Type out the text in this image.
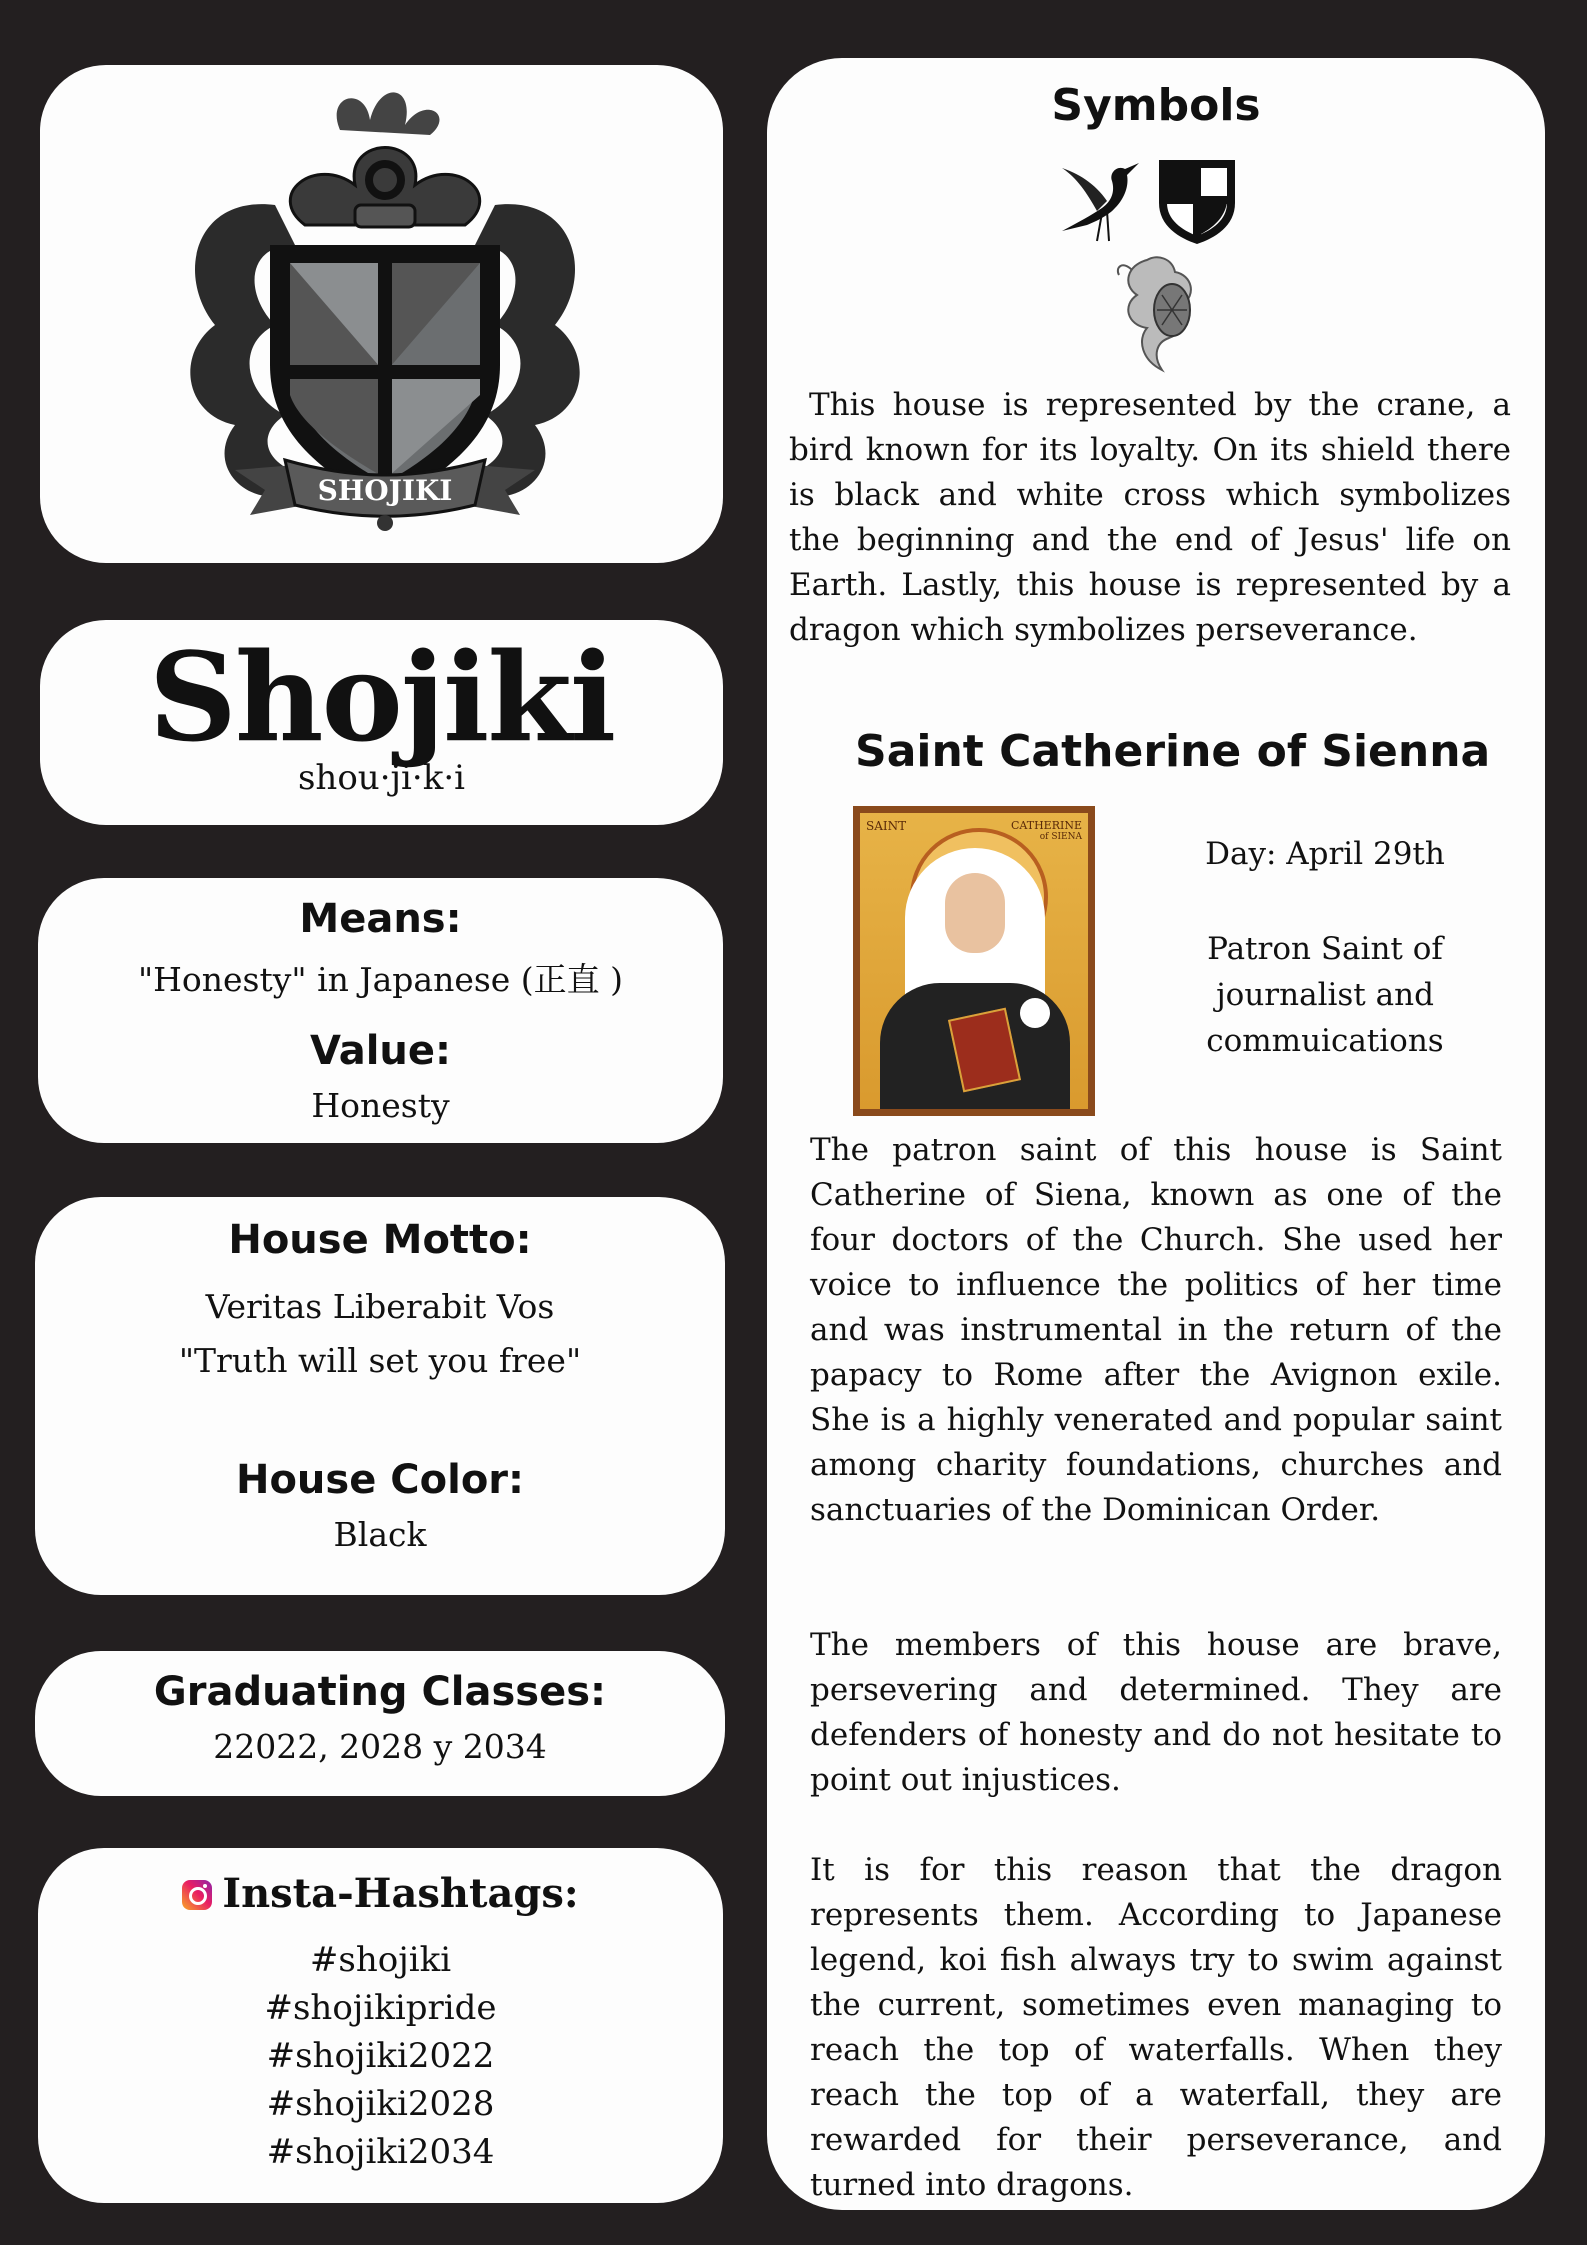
SHOJIKI
Shojiki
shou·ji·k·i
Means:
"Honesty" in Japanese (正直 )
Value:
Honesty
House Motto:
Veritas Liberabit Vos
"Truth will set you free"
House Color:
Black
Graduating Classes:
22022, 2028 y 2034
Insta-Hashtags:
#shojiki
#shojikipride
#shojiki2022
#shojiki2028
#shojiki2034
Symbols
This house is represented by the crane, a bird known for its loyalty. On its shield there is black and white cross which symbolizes the beginning and the end of Jesus' life on Earth. Lastly, this house is represented by a dragon which symbolizes perseverance.
Saint Catherine of Sienna
SAINT	CATHERINE
of SIENA	Day: April 29th
Patron Saint of journalist and commuications
The patron saint of this house is Saint Catherine of Siena, known as one of the four doctors of the Church. She used her voice to influence the politics of her time and was instrumental in the return of the papacy to Rome after the Avignon exile. She is a highly venerated and popular saint among charity foundations, churches and sanctuaries of the Dominican Order.
The members of this house are brave, persevering and determined. They are defenders of honesty and do not hesitate to point out injustices.
It is for this reason that the dragon represents them. According to Japanese legend, koi fish always try to swim against the current, sometimes even managing to reach the top of waterfalls. When they reach the top of a waterfall, they are rewarded for their perseverance, and turned into dragons.
